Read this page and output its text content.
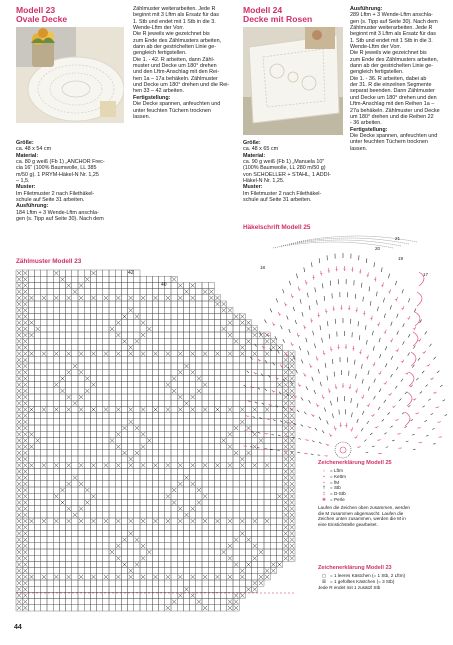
Modell 23
Ovale Decke

Größe:

ca. 48 x 54 cm

Material:

ca. 80 g weiß (Fb 1) „ANCHOR Frec-

cia 16" (100% Baumwolle, LL 385

m/50 g). 1 PRYM-Häkel-N Nr. 1,25

– 1,5.

Muster:

Im Filetmuster 2 nach Filethäkel-

schule auf Seite 31 arbeiten.

Ausführung:

184 Lftm + 3 Wende-Lftm anschla-

gen (s. Tipp auf Seite 30). Nach dem

Zählmuster weiterarbeiten. Jede R

beginnt mit 3 Lftm als Ersatz für das

1. Stb und endet mit 1 Stb in die 3.

Wende-Lftm der Vorr.

Die R jeweils wie gezeichnet bis

zum Ende des Zählmusters arbeiten,

dann ab der gestrichelten Linie ge-

gengleich fertigstellen.

Die 1. - 42. R arbeiten, dann Zähl-

muster und Decke um 180° drehen

und den Lftm-Anschlag mit den Rei-

hen 1a – 17a behäkeln. Zählmuster

und Decke um 180° drehen und die Rei-

hen 33 – 42 arbeiten.

Fertigstellung:

Die Decke spannen, anfeuchten und

unter feuchten Tüchern trocknen

lassen.

Modell 24
Decke mit Rosen

Größe:

ca. 48 x 65 cm

Material:

ca. 90 g weiß (Fb 1) „Manuela 10"

(100% Baumwolle, LL 280 m/50 g)

von SCHOELLER + STAHL, 1 ADDI-

Häkel-N Nr. 1,25.

Muster:

Im Filetmuster 2 nach Filethäkel-

schule auf Seite 31 arbeiten.

Ausführung:

289 Lftm + 3 Wende-Lftm anschla-

gen (s. Tipp auf Seite 30). Nach dem

Zählmuster weiterarbeiten. Jede R

beginnt mit 3 Lftm als Ersatz für das

1. Stb und endet mit 1 Stb in die 3.

Wende-Lftm der Vorr.

Die R jeweils wie gezeichnet bis

zum Ende des Zählmusters arbeiten,

dann ab der gestrichelten Linie ge-

gengleich fertigstellen.

Die 1. - 36. R arbeiten, dabei ab

der 31. R die einzelnen Segmente

separat beenden. Dann Zählmuster

und Decke um 180° drehen und den

Lftm-Anschlag mit den Reihen 1a –

27a behäkeln. Zählmuster und Decke

um 180° drehen und die Reihen 22

- 36 arbeiten.

Fertigstellung:

Die Decke spannen, anfeuchten und

unter feuchten Tüchern trocknen

lassen.

Zählmuster Modell 23
42
40
Häkelschrift Modell 25
21
20
19
18
17
Zeichenerklärung Modell 25
○ = Lftm
• = Kettm
+ = fM
† = Stb
‡ = D-Stb
✱ = Perle
Laufen die Zeichen oben zusammen, werden
die M zusammen abgemascht. Laufen die
Zeichen unten zusammen, werden die M in
eine Einstichstelle gearbeitet.
Zeichenerklärung Modell 23
▢ = 1 leeres Kästchen (= 1 Stb, 2 Lftm)
☒ = 1 gefülltes Kästchen (= 3 Stb)
Jede R endet mit 1 zusätzl Stb
44
